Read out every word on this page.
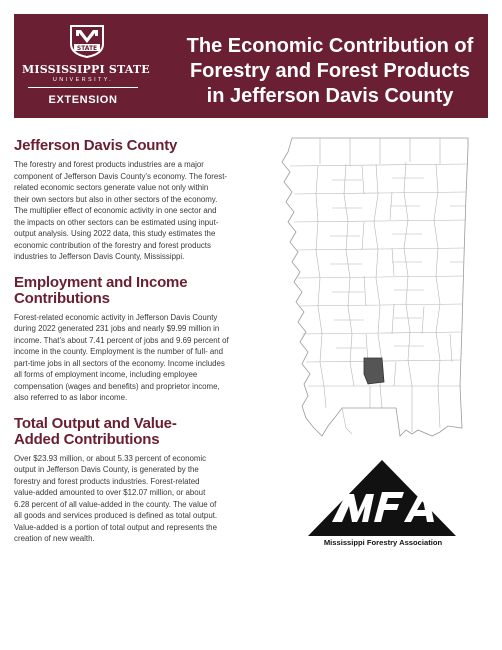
STATE
MISSISSIPPI STATE
UNIVERSITY.
EXTENSION
The Economic Contribution of
Forestry and Forest Products
in Jefferson Davis County
Jefferson Davis County

The forestry and forest products industries are a major
component of Jefferson Davis County’s economy. The forest-
related economic sectors generate value not only within
their own sectors but also in other sectors of the economy.
The multiplier effect of economic activity in one sector and
the impacts on other sectors can be estimated using input-
output analysis. Using 2022 data, this study estimates the
economic contribution of the forestry and forest products
industries to Jefferson Davis County, Mississippi.

Employment and Income Contributions

Forest-related economic activity in Jefferson Davis County
during 2022 generated 231 jobs and nearly $9.99 million in
income. That’s about 7.41 percent of jobs and 9.69 percent of
income in the county. Employment is the number of full- and
part-time jobs in all sectors of the economy. Income includes
all forms of employment income, including employee
compensation (wages and benefits) and proprietor income,
also referred to as labor income.

Total Output and Value-
Added Contributions

Over $23.93 million, or about 5.33 percent of economic
output in Jefferson Davis County, is generated by the
forestry and forest products industries. Forest-related
value-added amounted to over $12.07 million, or about
6.28 percent of all value-added in the county. The value of
all goods and services produced is defined as total output.
Value-added is a portion of total output and represents the
creation of new wealth.	Mississippi Forestry Association
